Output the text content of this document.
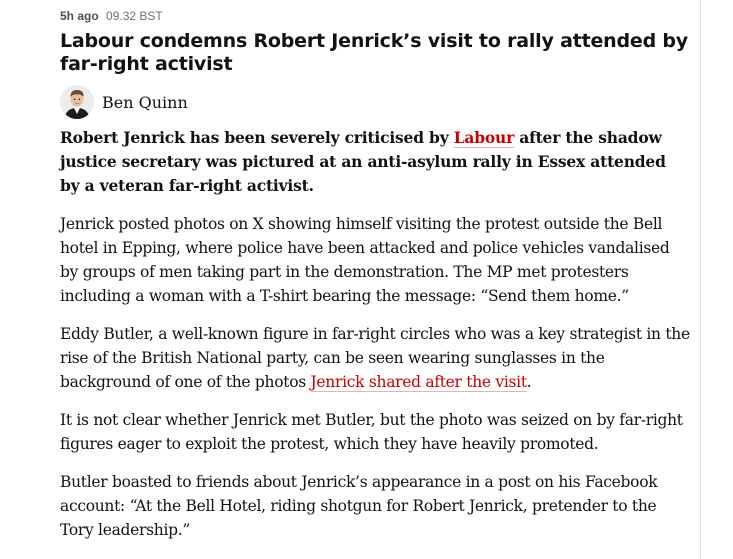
5h ago 09.32 BST
Labour condemns Robert Jenrick’s visit to rally attended by far-right activist
Ben Quinn

Robert Jenrick has been severely criticised by Labour after the shadow justice secretary was pictured at an anti-asylum rally in Essex attended by a veteran far-right activist.

Jenrick posted photos on X showing himself visiting the protest outside the Bell hotel in Epping, where police have been attacked and police vehicles vandalised by groups of men taking part in the demonstration. The MP met protesters including a woman with a T-shirt bearing the message: “Send them home.”

Eddy Butler, a well-known figure in far-right circles who was a key strategist in the rise of the British National party, can be seen wearing sunglasses in the background of one of the photos Jenrick shared after the visit.

It is not clear whether Jenrick met Butler, but the photo was seized on by far-right figures eager to exploit the protest, which they have heavily promoted.

Butler boasted to friends about Jenrick’s appearance in a post on his Facebook account: “At the Bell Hotel, riding shotgun for Robert Jenrick, pretender to the Tory leadership.”
